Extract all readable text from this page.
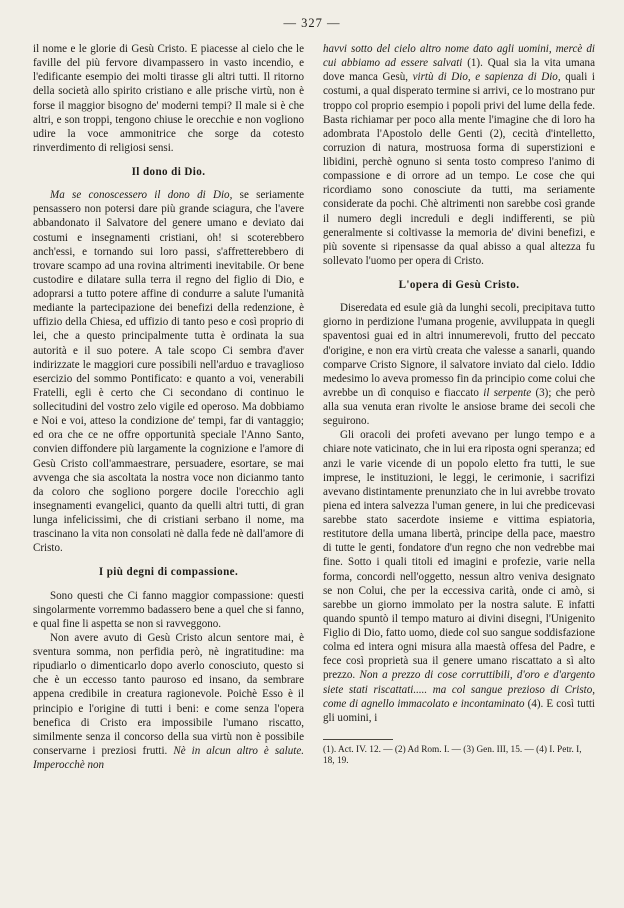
— 327 —

il nome e le glorie di Gesù Cristo. E piacesse al cielo che le faville del più fervore divampassero in vasto incendio, e l'edificante esempio dei molti tirasse gli altri tutti. Il ritorno della società allo spirito cristiano e alle prische virtù, non è forse il maggior bisogno de' moderni tempi? Il male si è che altri, e son troppi, tengono chiuse le orecchie e non vogliono udire la voce ammonitrice che sorge da cotesto rinverdimento di religiosi sensi.

Il dono di Dio.

Ma se conoscessero il dono di Dio, se seriamente pensassero non potersi dare più grande sciagura, che l'avere abbandonato il Salvatore del genere umano e deviato dai costumi e insegnamenti cristiani, oh! si scoterebbero anch'essi, e tornando sui loro passi, s'affretterebbero di trovare scampo ad una rovina altrimenti inevitabile. Or bene custodire e dilatare sulla terra il regno del figlio di Dio, e adoprarsi a tutto potere affine di condurre a salute l'umanità mediante la partecipazione dei benefizi della redenzione, è uffizio della Chiesa, ed uffizio di tanto peso e così proprio di lei, che a questo principalmente tutta è ordinata la sua autorità e il suo potere. A tale scopo Ci sembra d'aver indirizzate le maggiori cure possibili nell'arduo e travaglioso esercizio del sommo Pontificato: e quanto a voi, venerabili Fratelli, egli è certo che Ci secondano di continuo le sollecitudini del vostro zelo vigile ed operoso. Ma dobbiamo e Noi e voi, atteso la condizione de' tempi, far di vantaggio; ed ora che ce ne offre opportunità speciale l'Anno Santo, convien diffondere più largamente la cognizione e l'amore di Gesù Cristo coll'ammaestrare, persuadere, esortare, se mai avvenga che sia ascoltata la nostra voce non dicianmo tanto da coloro che sogliono porgere docile l'orecchio agli insegnamenti evangelici, quanto da quelli altri tutti, di gran lunga infelicissimi, che di cristiani serbano il nome, ma trascinano la vita non consolati nè dalla fede nè dall'amore di Cristo.

I più degni di compassione.

Sono questi che Ci fanno maggior compassione: questi singolarmente vorremmo badassero bene a quel che si fanno, e qual fine li aspetta se non si ravveggono.

Non avere avuto di Gesù Cristo alcun sentore mai, è sventura somma, non perfidia però, nè ingratitudine: ma ripudiarlo o dimenticarlo dopo averlo conosciuto, questo si che è un eccesso tanto pauroso ed insano, da sembrare appena credibile in creatura ragionevole. Poichè Esso è il principio e l'origine di tutti i beni: e come senza l'opera benefica di Cristo era impossibile l'umano riscatto, similmente senza il concorso della sua virtù non è possibile conservarne i preziosi frutti. Nè in alcun altro è salute. Imperocchè non

havvi sotto del cielo altro nome dato agli uomini, mercè di cui abbiamo ad essere salvati (1). Qual sia la vita umana dove manca Gesù, virtù di Dio, e sapienza di Dio, quali i costumi, a qual disperato termine si arrivi, ce lo mostrano pur troppo col proprio esempio i popoli privi del lume della fede. Basta richiamar per poco alla mente l'imagine che di loro ha adombrata l'Apostolo delle Genti (2), cecità d'intelletto, corruzion di natura, mostruosa forma di superstizioni e libidini, perchè ognuno si senta tosto compreso l'animo di compassione e di orrore ad un tempo. Le cose che qui ricordiamo sono conosciute da tutti, ma seriamente considerate da pochi. Chè altrimenti non sarebbe così grande il numero degli increduli e degli indifferenti, se più generalmente si coltivasse la memoria de' divini benefizi, e più sovente si ripensasse da qual abisso a qual altezza fu sollevato l'uomo per opera di Cristo.

L'opera di Gesù Cristo.

Diseredata ed esule già da lunghi secoli, precipitava tutto giorno in perdizione l'umana progenie, avviluppata in quegli spaventosi guai ed in altri innumerevoli, frutto del peccato d'origine, e non era virtù creata che valesse a sanarli, quando comparve Cristo Signore, il salvatore inviato dal cielo. Iddio medesimo lo aveva promesso fin da principio come colui che avrebbe un dì conquiso e fiaccato il serpente (3); che però alla sua venuta eran rivolte le ansiose brame dei secoli che seguirono.

Gli oracoli dei profeti avevano per lungo tempo e a chiare note vaticinato, che in lui era riposta ogni speranza; ed anzi le varie vicende di un popolo eletto fra tutti, le sue imprese, le instituzioni, le leggi, le cerimonie, i sacrifizi avevano distintamente prenunziato che in lui avrebbe trovato piena ed intera salvezza l'uman genere, in lui che predicevasi sarebbe stato sacerdote insieme e vittima espiatoria, restitutore della umana libertà, principe della pace, maestro di tutte le genti, fondatore d'un regno che non vedrebbe mai fine. Sotto i quali titoli ed imagini e profezie, varie nella forma, concordi nell'oggetto, nessun altro veniva designato se non Colui, che per la eccessiva carità, onde ci amò, si sarebbe un giorno immolato per la nostra salute. E infatti quando spuntò il tempo maturo ai divini disegni, l'Unigenito Figlio di Dio, fatto uomo, diede col suo sangue soddisfazione colma ed intera ogni misura alla maestà offesa del Padre, e fece così proprietà sua il genere umano riscattato a sì alto prezzo. Non a prezzo di cose corruttibili, d'oro e d'argento siete stati riscattati..... ma col sangue prezioso di Cristo, come di agnello immacolato e incontaminato (4). E così tutti gli uomini, i

(1). Act. IV. 12. — (2) Ad Rom. I. — (3) Gen. III, 15. — (4) I. Petr. I, 18, 19.
